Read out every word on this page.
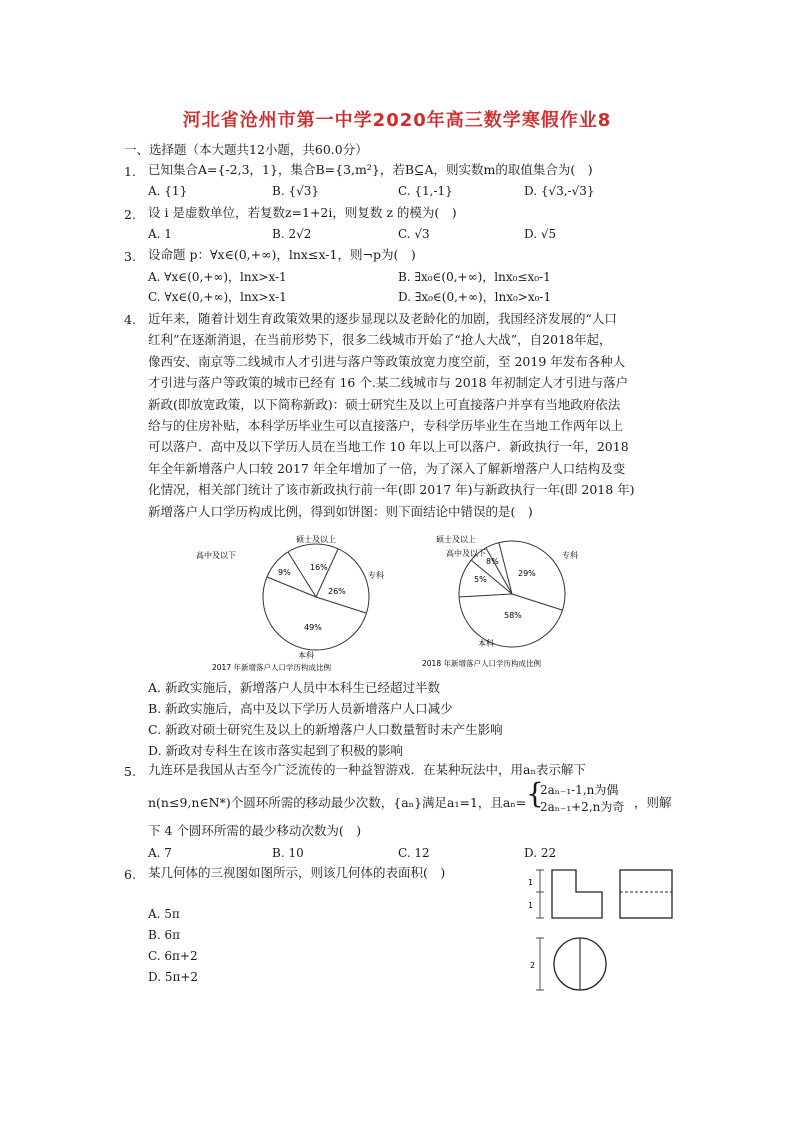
河北省沧州市第一中学2020年高三数学寒假作业8
一、选择题（本大题共12小题，共60.0分）
1. 已知集合A={-2,3，1}，集合B={3,m²}，若B⊆A，则实数m的取值集合为(　)
A. {1}	B. {√3}	C. {1,-1}	D. {√3,-√3}
2. 设 i 是虚数单位，若复数z=1+2i，则复数 z 的模为(　)
A. 1	B. 2√2	C. √3	D. √5
3. 设命题 p：∀x∈(0,+∞)，lnx≤x-1，则¬p为(　)
A. ∀x∈(0,+∞)，lnx>x-1	B. ∃x₀∈(0,+∞)，lnx₀≤x₀-1
C. ∀x∈(0,+∞)，lnx>x-1	D. ∃x₀∈(0,+∞)，lnx₀>x₀-1
4. 近年来，随着计划生育政策效果的逐步显现以及老龄化的加剧，我国经济发展的“人口
红利”在逐渐消退，在当前形势下，很多二线城市开始了“抢人大战”，自2018年起，
像西安、南京等二线城市人才引进与落户等政策放宽力度空前，至 2019 年发布各种人
才引进与落户等政策的城市已经有 16 个.某二线城市与 2018 年初制定人才引进与落户
新政(即放宽政策，以下简称新政)：硕士研究生及以上可直接落户并享有当地政府依法
给与的住房补贴，本科学历毕业生可以直接落户，专科学历毕业生在当地工作两年以上
可以落户．高中及以下学历人员在当地工作 10 年以上可以落户．新政执行一年，2018
年全年新增落户人口较 2017 年全年增加了一倍，为了深入了解新增落户人口结构及变
化情况，相关部门统计了该市新政执行前一年(即 2017 年)与新政执行一年(即 2018 年)
新增落户人口学历构成比例，得到如饼图：则下面结论中错误的是(　)
9%
16%
26%
49%
高中及以下
硕士及以上
专科
本科
2017 年新增落户人口学历构成比例
5%
8%
29%
58%
硕士及以上
高中及以下	专科
本科
2018 年新增落户人口学历构成比例
A. 新政实施后，新增落户人员中本科生已经超过半数
B. 新政实施后，高中及以下学历人员新增落户人口减少
C. 新政对硕士研究生及以上的新增落户人口数量暂时未产生影响
D. 新政对专科生在该市落实起到了积极的影响
5. 九连环是我国从古至今广泛流传的一种益智游戏．在某种玩法中，用aₙ表示解下
n(n≤9,n∈N*)个圆环所需的移动最少次数，{aₙ}满足a₁=1，且aₙ= {
2aₙ₋₁-1,n为偶
2aₙ₋₁+2,n为奇 ，则解
下 4 个圆环所需的最少移动次数为(　)
A. 7	B. 10	C. 12	D. 22
6. 某几何体的三视图如图所示，则该几何体的表面积(　)
A. 5π
B. 6π
C. 6π+2
D. 5π+2
1
1
2
